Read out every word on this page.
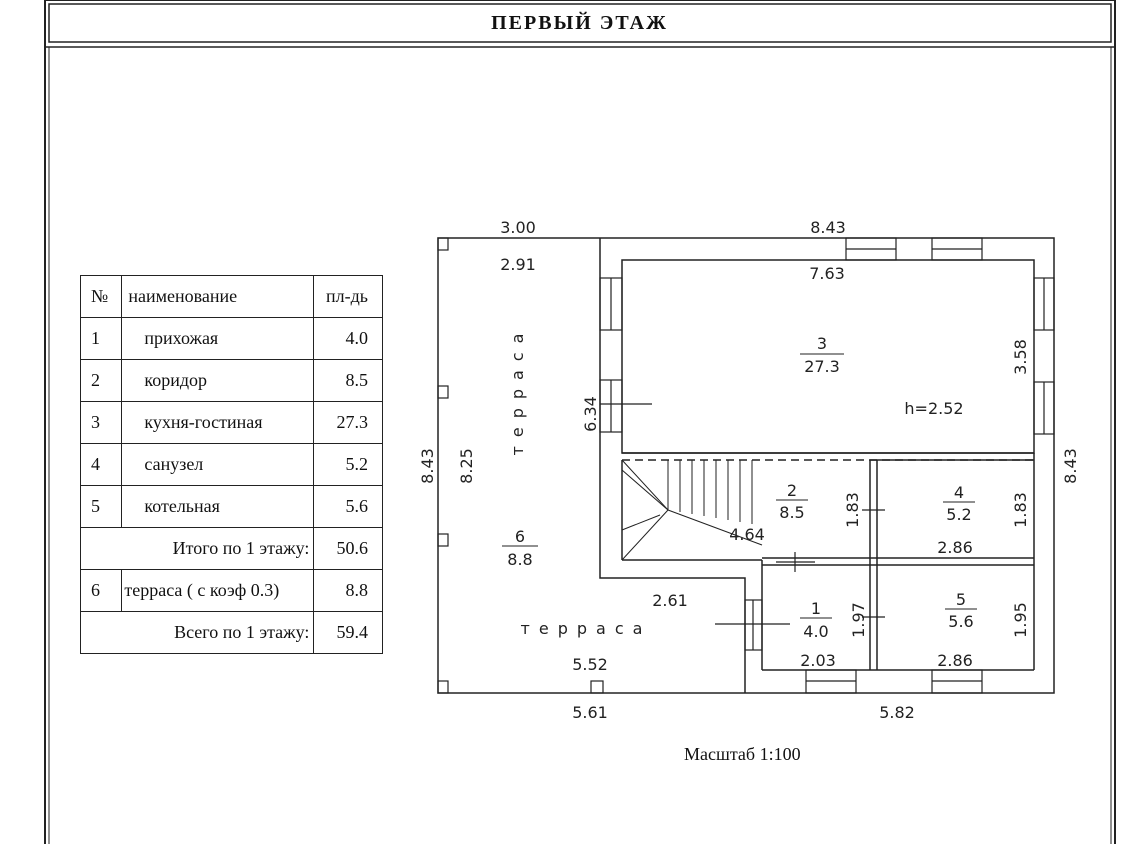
3.00
2.91
8.43
7.63
8.43 8.25	8.43
3.58
6.34
1.83	1.83
2.86
4.64
2.61
1.97
2.03
1.95
2.86
5.52
5.61	5.82
3
27.3
h=2.52
2
8.5
4
5.2
1
4.0
5
5.6
6
8.8
терраса
терраса
ПЕРВЫЙ ЭТАЖ
№	наименование	пл-дь
1	прихожая	4.0
2	коридор	8.5
3	кухня-гостиная	27.3
4	санузел	5.2
5	котельная	5.6
Итого по 1 этажу:		50.6
6	терраса ( с коэф 0.3)	8.8
Всего по 1 этажу:		59.4
Масштаб 1:100
